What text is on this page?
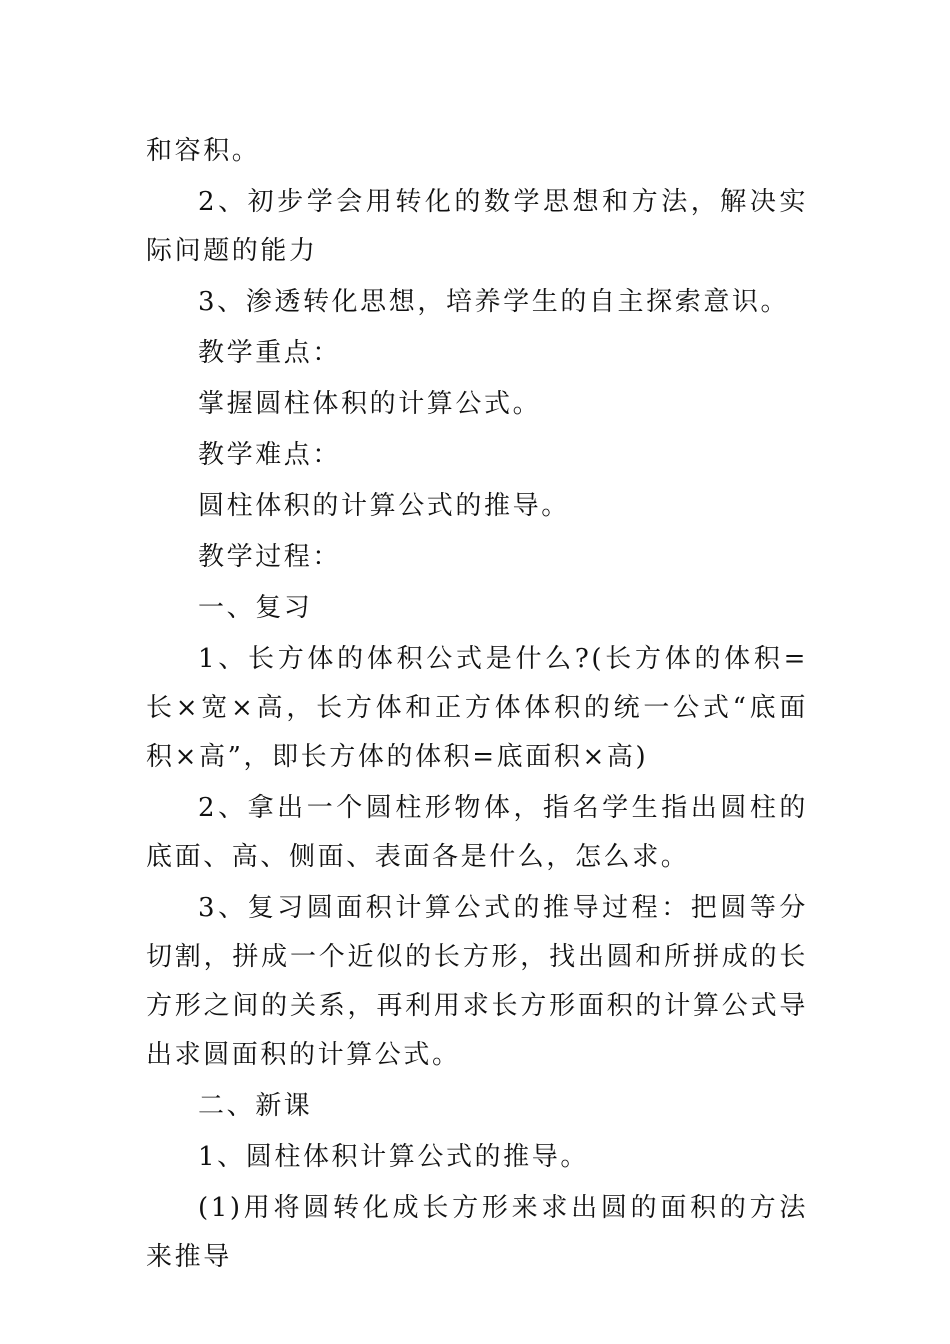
和容积。

2、初步学会用转化的数学思想和方法，解决实际问题的能力

3、渗透转化思想，培养学生的自主探索意识。

教学重点：

掌握圆柱体积的计算公式。

教学难点：

圆柱体积的计算公式的推导。

教学过程：

一、复习

1、长方体的体积公式是什么?(长方体的体积=长×宽×高，长方体和正方体体积的统一公式“底面积×高”，即长方体的体积=底面积×高)

2、拿出一个圆柱形物体，指名学生指出圆柱的底面、高、侧面、表面各是什么，怎么求。

3、复习圆面积计算公式的推导过程：把圆等分切割，拼成一个近似的长方形，找出圆和所拼成的长方形之间的关系，再利用求长方形面积的计算公式导出求圆面积的计算公式。

二、新课

1、圆柱体积计算公式的推导。

(1)用将圆转化成长方形来求出圆的面积的方法来推导
